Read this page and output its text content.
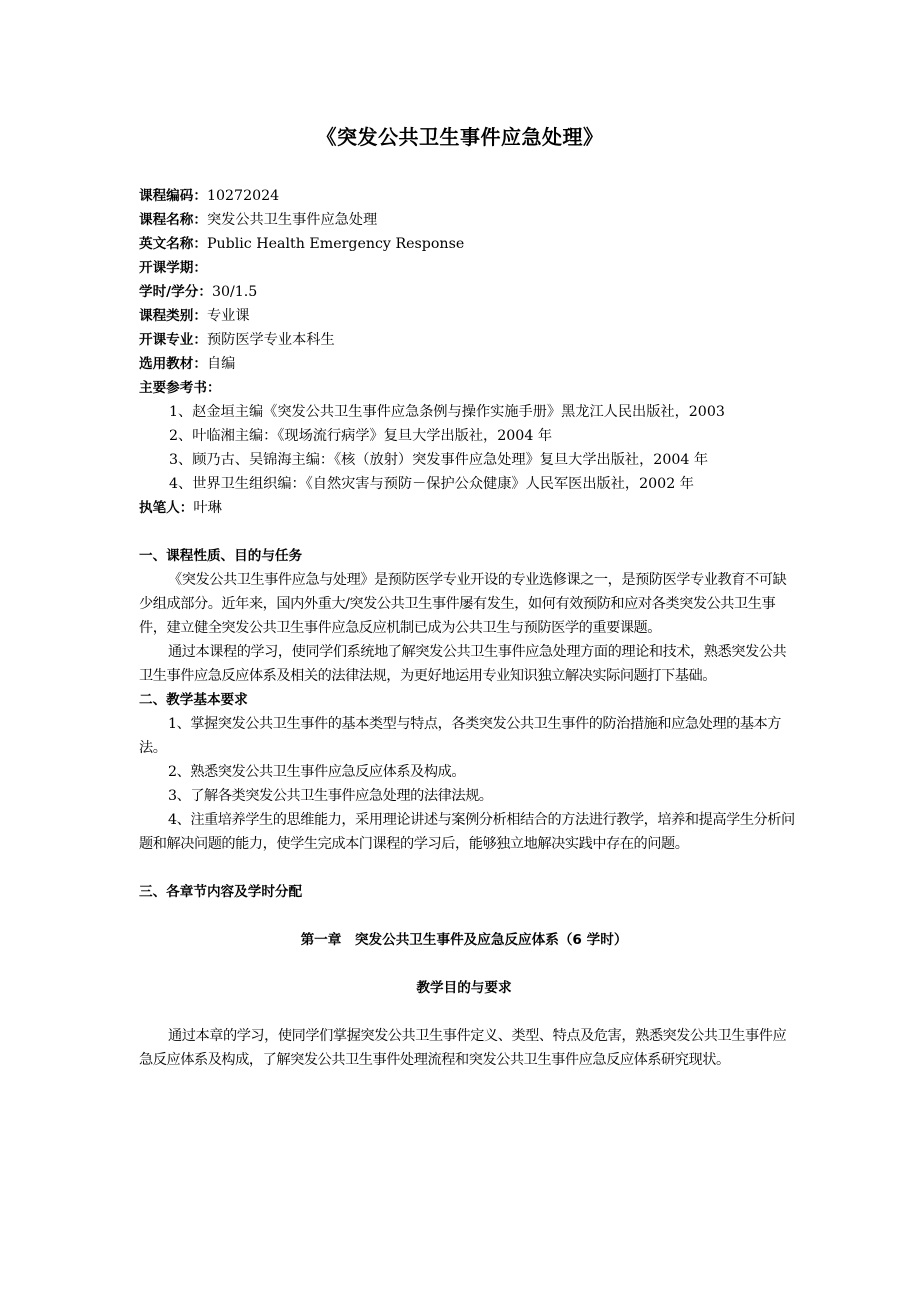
《突发公共卫生事件应急处理》
课程编码：10272024
课程名称：突发公共卫生事件应急处理
英文名称：Public Health Emergency Response
开课学期：
学时/学分：30/1.5
课程类别：专业课
开课专业：预防医学专业本科生
选用教材：自编
主要参考书：
1、赵金垣主编《突发公共卫生事件应急条例与操作实施手册》黑龙江人民出版社，2003
2、叶临湘主编：《现场流行病学》复旦大学出版社，2004 年
3、顾乃古、吴锦海主编：《核（放射）突发事件应急处理》复旦大学出版社，2004 年
4、世界卫生组织编：《自然灾害与预防－保护公众健康》人民军医出版社，2002 年
执笔人：叶琳
一、课程性质、目的与任务

《突发公共卫生事件应急与处理》是预防医学专业开设的专业选修课之一，是预防医学专业教育不可缺少组成部分。近年来，国内外重大/突发公共卫生事件屡有发生，如何有效预防和应对各类突发公共卫生事件，建立健全突发公共卫生事件应急反应机制已成为公共卫生与预防医学的重要课题。

通过本课程的学习，使同学们系统地了解突发公共卫生事件应急处理方面的理论和技术，熟悉突发公共卫生事件应急反应体系及相关的法律法规，为更好地运用专业知识独立解决实际问题打下基础。

二、教学基本要求

1、掌握突发公共卫生事件的基本类型与特点，各类突发公共卫生事件的防治措施和应急处理的基本方法。

2、熟悉突发公共卫生事件应急反应体系及构成。

3、了解各类突发公共卫生事件应急处理的法律法规。

4、注重培养学生的思维能力，采用理论讲述与案例分析相结合的方法进行教学，培养和提高学生分析问题和解决问题的能力，使学生完成本门课程的学习后，能够独立地解决实践中存在的问题。

三、各章节内容及学时分配
第一章　突发公共卫生事件及应急反应体系（6 学时）
教学目的与要求

通过本章的学习，使同学们掌握突发公共卫生事件定义、类型、特点及危害，熟悉突发公共卫生事件应急反应体系及构成，了解突发公共卫生事件处理流程和突发公共卫生事件应急反应体系研究现状。
